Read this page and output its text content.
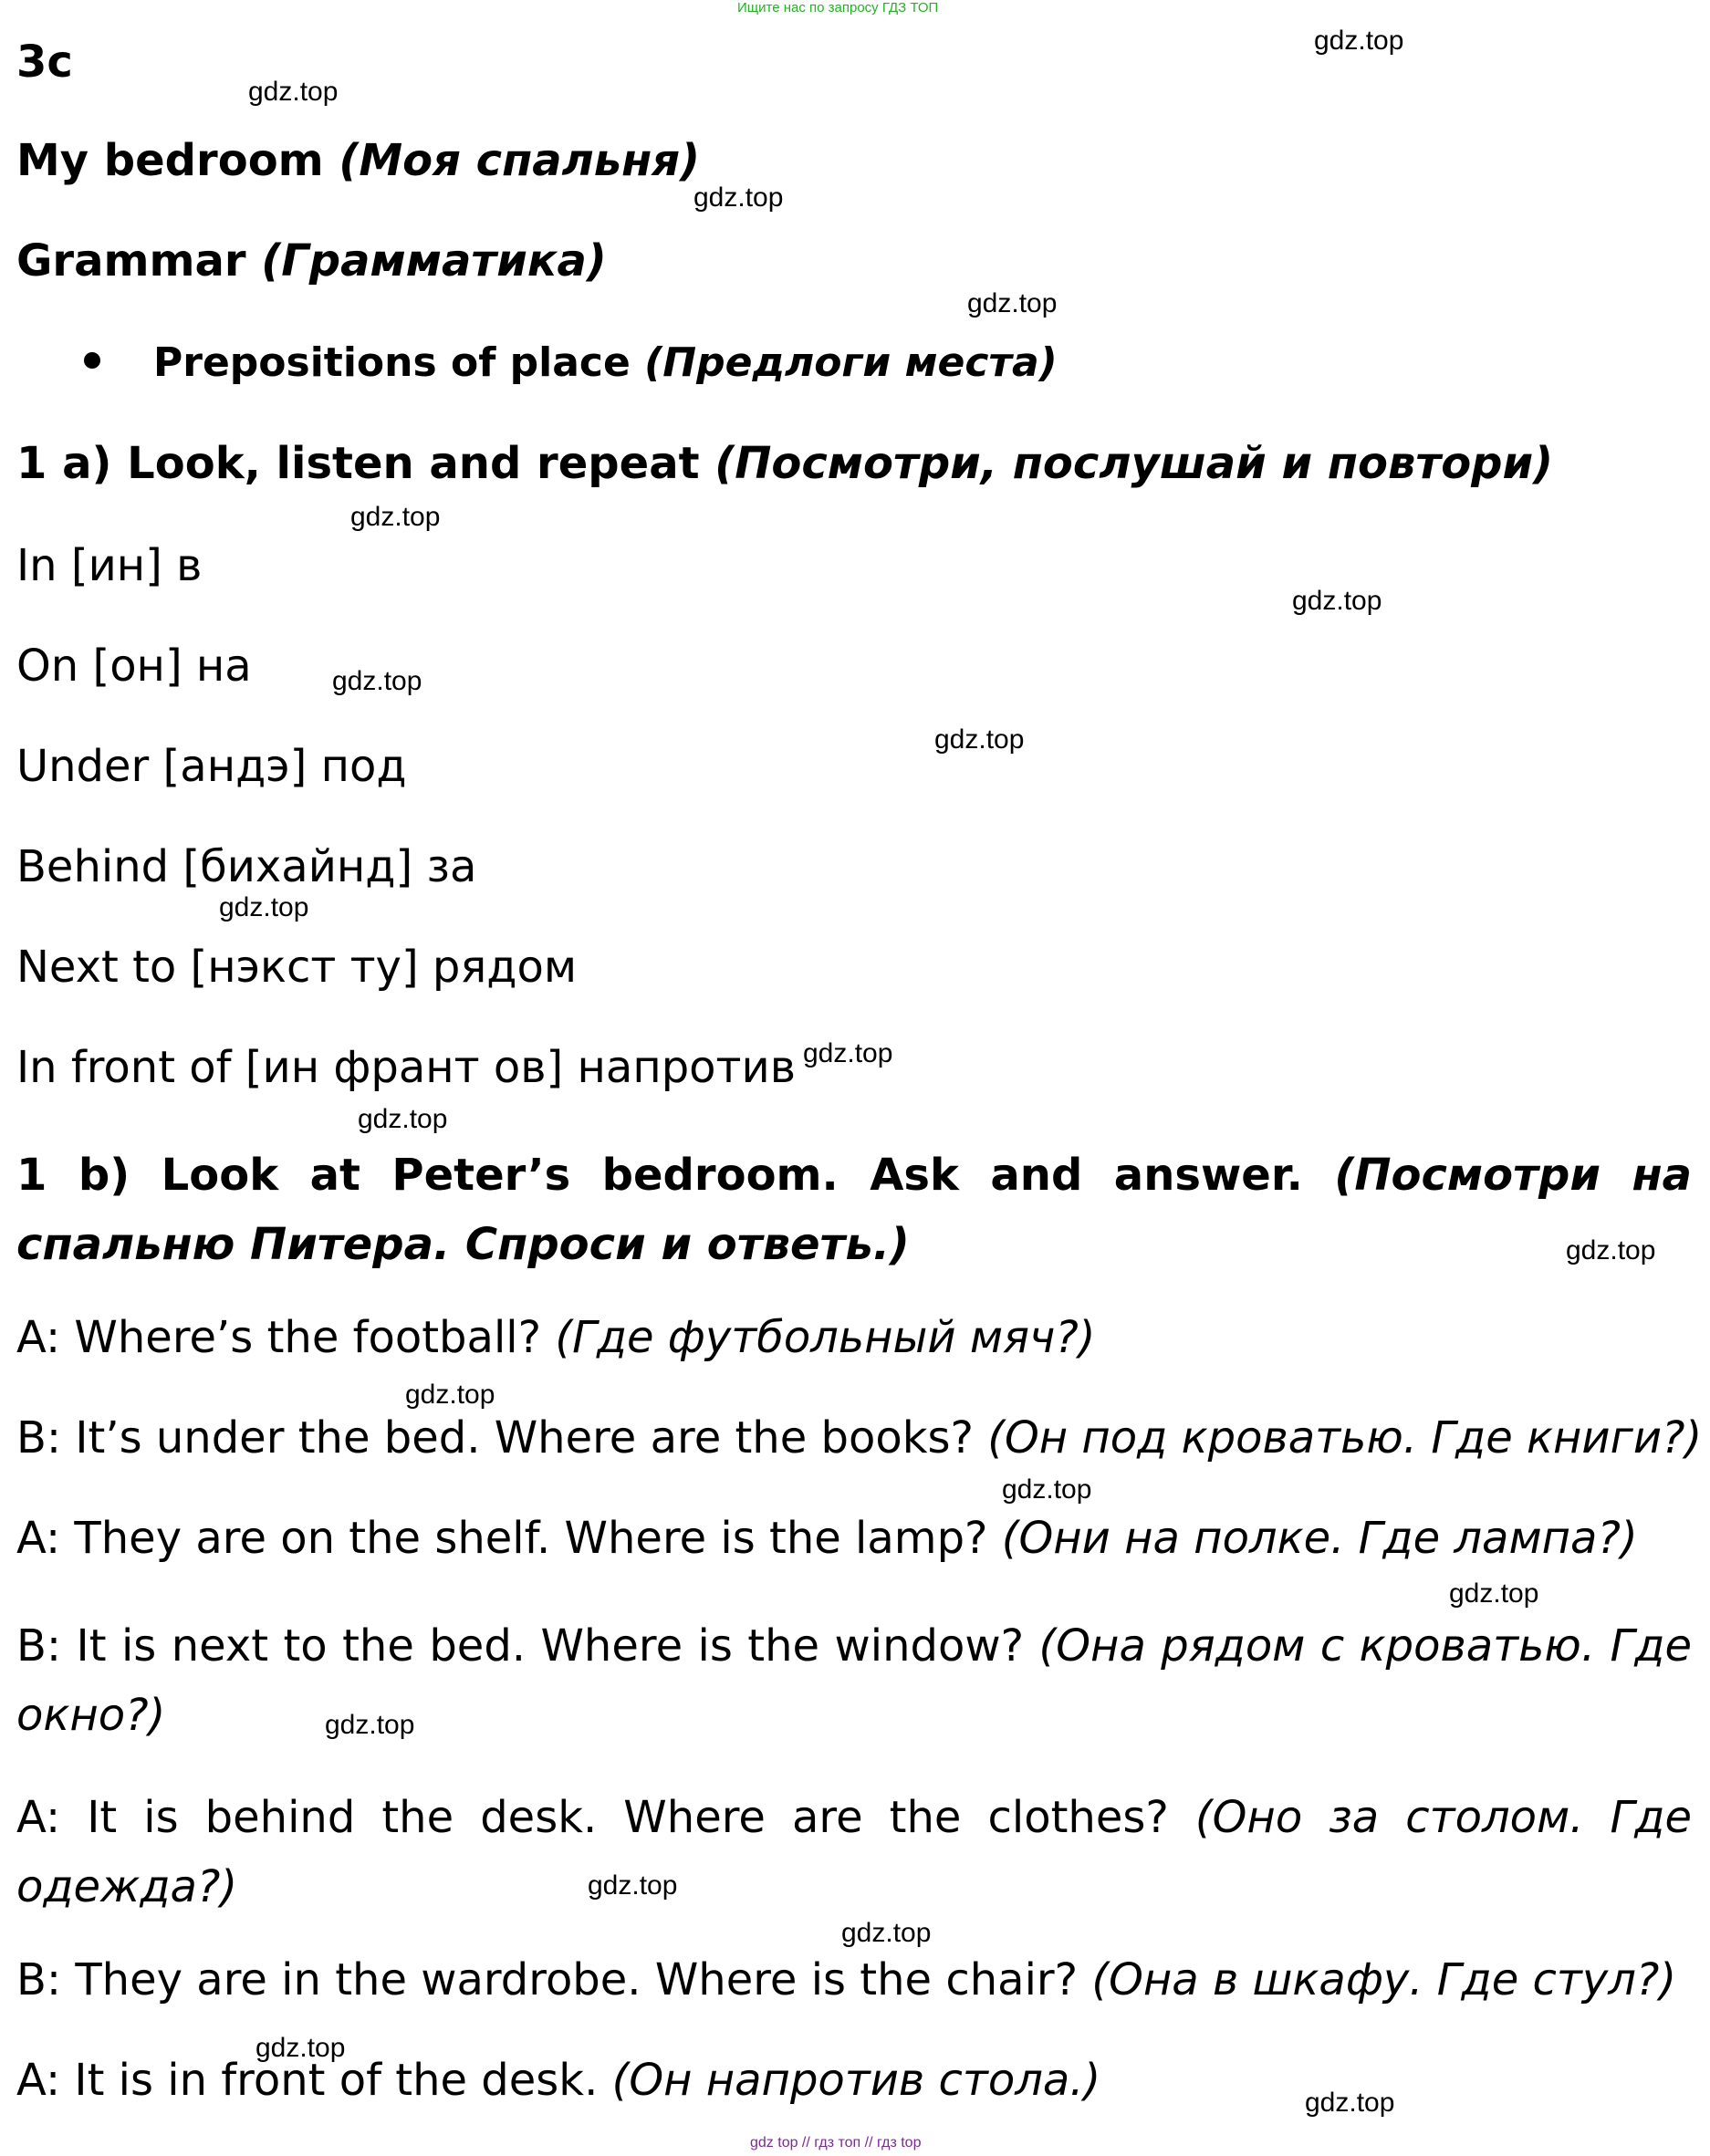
Ищите нас по запросу ГДЗ ТОП
3c
My bedroom (Моя спальня)
Grammar (Грамматика)
Prepositions of place (Предлоги места)
1 a) Look, listen and repeat (Посмотри, послушай и повтори)
In [ин] в
On [он] на
Under [андэ] под
Behind [бихайнд] за
Next to [нэкст ту] рядом
In front of [ин франт ов] напротив
1 b) Look at Peter’s bedroom. Ask and answer. (Посмотри на спальню Питера. Спроси и ответь.)
A: Where’s the football? (Где футбольный мяч?)
B: It’s under the bed. Where are the books? (Он под кроватью. Где книги?)
A: They are on the shelf. Where is the lamp? (Они на полке. Где лампа?)
B: It is next to the bed. Where is the window? (Она рядом с кроватью. Где окно?)
A: It is behind the desk. Where are the clothes? (Оно за столом. Где одежда?)
B: They are in the wardrobe. Where is the chair? (Она в шкафу. Где стул?)
A: It is in front of the desk. (Он напротив стола.)
gdz.top
gdz.top
gdz.top
gdz.top
gdz.top
gdz.top
gdz.top
gdz.top
gdz.top
gdz.top
gdz.top
gdz.top
gdz.top
gdz.top
gdz.top
gdz.top
gdz.top
gdz.top
gdz.top
gdz.top
gdz top // гдз топ // гдз top
